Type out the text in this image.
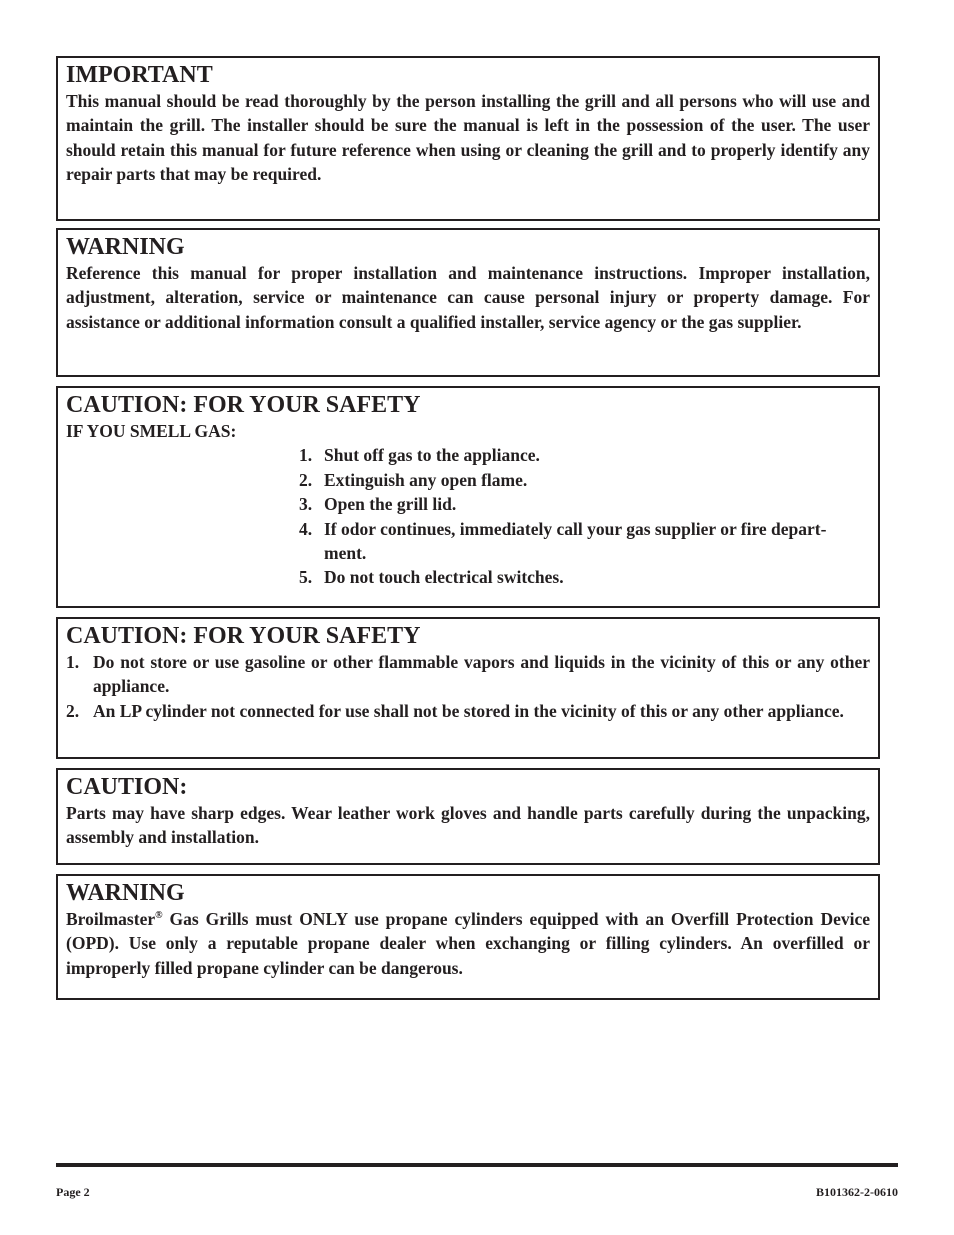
IMPORTANT

This manual should be read thoroughly by the person installing the grill and all persons who will use and maintain the grill. The installer should be sure the manual is left in the possession of the user. The user should retain this manual for future reference when using or cleaning the grill and to properly identify any repair parts that may be required.

WARNING

Reference this manual for proper installation and maintenance instructions. Improper installation, adjustment, alteration, service or maintenance can cause personal injury or property damage. For assistance or additional information consult a qualified installer, service agency or the gas supplier.

CAUTION: FOR YOUR SAFETY
IF YOU SMELL GAS:
1. Shut off gas to the appliance.
2. Extinguish any open flame.
3. Open the grill lid.
4. If odor continues, immediately call your gas supplier or fire depart-
ment.
5. Do not touch electrical switches.
CAUTION: FOR YOUR SAFETY
1. Do not store or use gasoline or other flammable vapors and liquids in the vicinity of this or any other appliance.
2. An LP cylinder not connected for use shall not be stored in the vicinity of this or any other appliance.
CAUTION:

Parts may have sharp edges. Wear leather work gloves and handle parts carefully during the unpacking, assembly and installation.

WARNING

Broilmaster® Gas Grills must ONLY use propane cylinders equipped with an Overfill Protection Device (OPD). Use only a reputable propane dealer when exchanging or filling cylinders. An overfilled or improperly filled propane cylinder can be dangerous.

Page 2	B101362-2-0610
